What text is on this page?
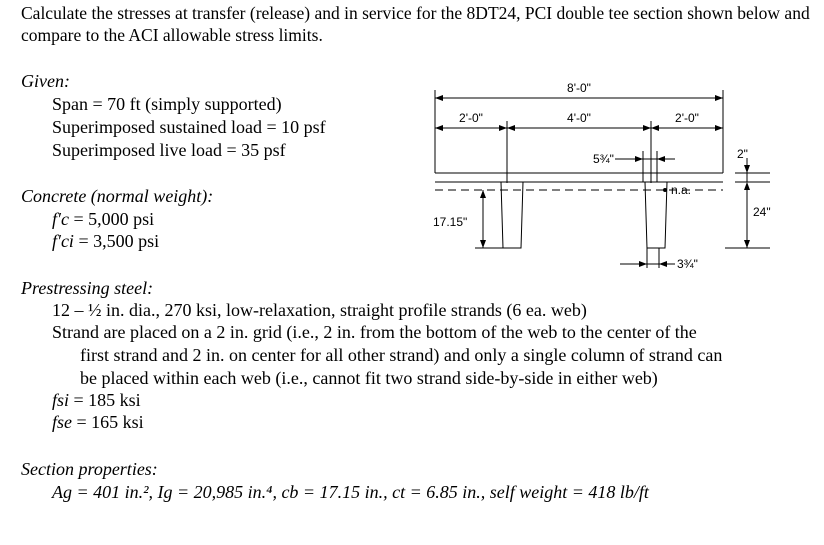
Calculate the stresses at transfer (release) and in service for the 8DT24, PCI double tee section shown below and compare to the ACI allowable stress limits.
Given:
Span = 70 ft (simply supported)
Superimposed sustained load = 10 psf
Superimposed live load = 35 psf
Concrete (normal weight):
f′c = 5,000 psi
f′ci = 3,500 psi
Prestressing steel:
12 – ½ in. dia., 270 ksi, low-relaxation, straight profile strands (6 ea. web)
Strand are placed on a 2 in. grid (i.e., 2 in. from the bottom of the web to the center of the
first strand and 2 in. on center for all other strand) and only a single column of strand can
be placed within each web (i.e., cannot fit two strand side-by-side in either web)
fsi = 185 ksi
fse = 165 ksi
Section properties:
Ag = 401 in.², Ig = 20,985 in.⁴, cb = 17.15 in., ct = 6.85 in., self weight = 418 lb/ft
8'-0"
2'-0"	4'-0"	2'-0"
5¾"	2"
n.a.
17.15"
24"
3¾"
